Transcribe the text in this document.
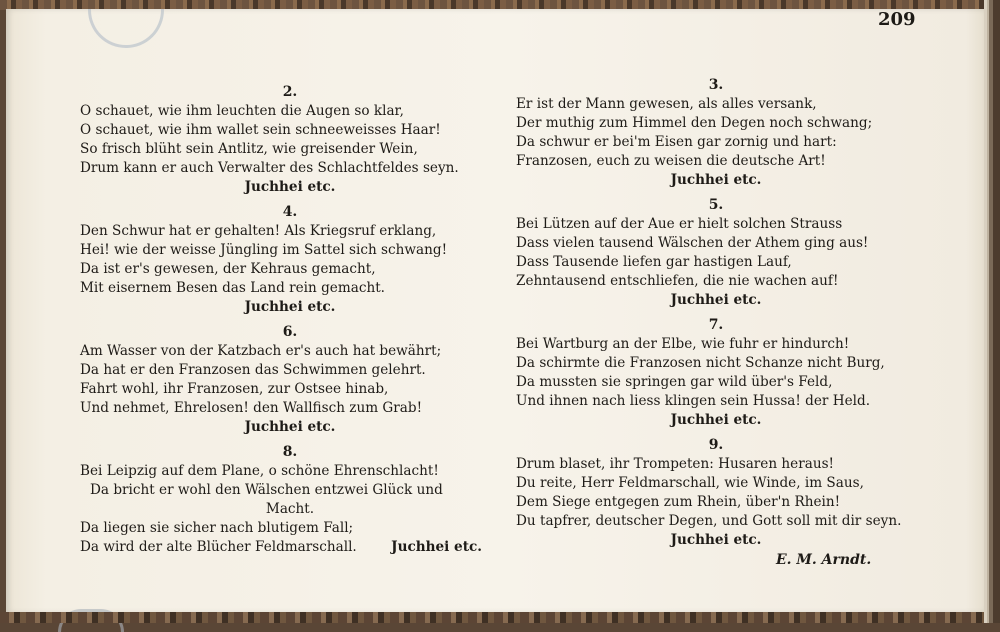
209
2.
O schauet, wie ihm leuchten die Augen so klar,
O schauet, wie ihm wallet sein schneeweisses Haar!
So frisch blüht sein Antlitz, wie greisender Wein,
Drum kann er auch Verwalter des Schlachtfeldes seyn.
Juchhei etc.
4.
Den Schwur hat er gehalten! Als Kriegsruf erklang,
Hei! wie der weisse Jüngling im Sattel sich schwang!
Da ist er's gewesen, der Kehraus gemacht,
Mit eisernem Besen das Land rein gemacht.
Juchhei etc.
6.
Am Wasser von der Katzbach er's auch hat bewährt;
Da hat er den Franzosen das Schwimmen gelehrt.
Fahrt wohl, ihr Franzosen, zur Ostsee hinab,
Und nehmet, Ehrelosen! den Wallfisch zum Grab!
Juchhei etc.
8.
Bei Leipzig auf dem Plane, o schöne Ehrenschlacht!
Da bricht er wohl den Wälschen entzwei Glück und
Macht.
Da liegen sie sicher nach blutigem Fall;
Da wird der alte Blücher Feldmarschall.	Juchhei etc.
3.
Er ist der Mann gewesen, als alles versank,
Der muthig zum Himmel den Degen noch schwang;
Da schwur er bei'm Eisen gar zornig und hart:
Franzosen, euch zu weisen die deutsche Art!
Juchhei etc.
5.
Bei Lützen auf der Aue er hielt solchen Strauss
Dass vielen tausend Wälschen der Athem ging aus!
Dass Tausende liefen gar hastigen Lauf,
Zehntausend entschliefen, die nie wachen auf!
Juchhei etc.
7.
Bei Wartburg an der Elbe, wie fuhr er hindurch!
Da schirmte die Franzosen nicht Schanze nicht Burg,
Da mussten sie springen gar wild über's Feld,
Und ihnen nach liess klingen sein Hussa! der Held.
Juchhei etc.
9.
Drum blaset, ihr Trompeten: Husaren heraus!
Du reite, Herr Feldmarschall, wie Winde, im Saus,
Dem Siege entgegen zum Rhein, über'n Rhein!
Du tapfrer, deutscher Degen, und Gott soll mit dir seyn.
Juchhei etc.
E. M. Arndt.
